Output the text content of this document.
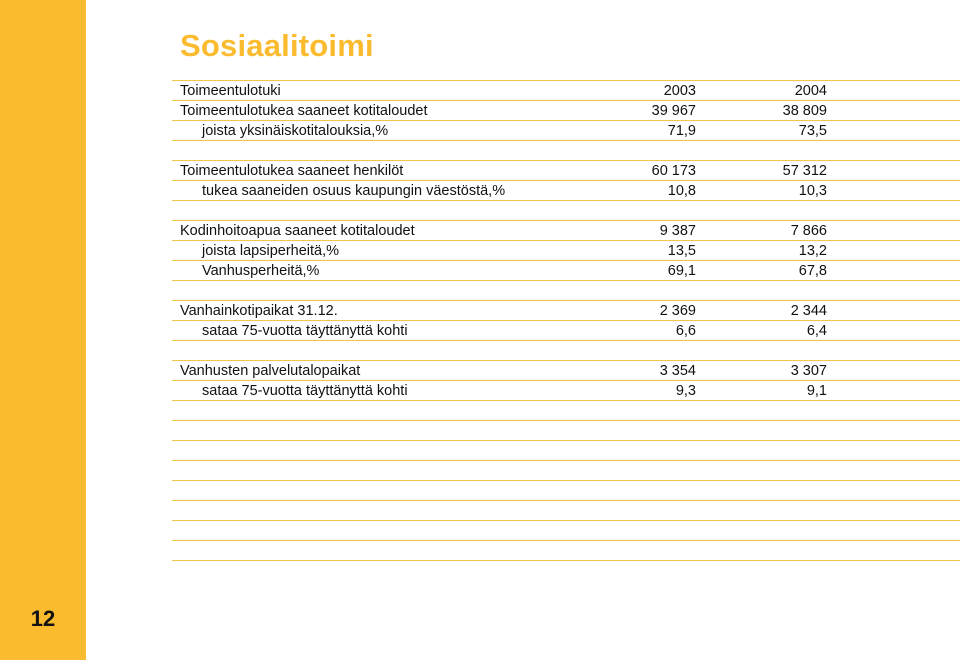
12
Sosiaalitoimi
Toimeentulotuki	2003	2004
Toimeentulotukea saaneet kotitaloudet	39 967	38 809
joista yksinäiskotitalouksia,%	71,9	73,5
Toimeentulotukea saaneet henkilöt	60 173	57 312
tukea saaneiden osuus kaupungin väestöstä,%	10,8	10,3
Kodinhoitoapua saaneet kotitaloudet	9 387	7 866
joista lapsiperheitä,%	13,5	13,2
Vanhusperheitä,%	69,1	67,8
Vanhainkotipaikat 31.12.	2 369	2 344
sataa 75-vuotta täyttänyttä kohti	6,6	6,4
Vanhusten palvelutalopaikat	3 354	3 307
sataa 75-vuotta täyttänyttä kohti	9,3	9,1
